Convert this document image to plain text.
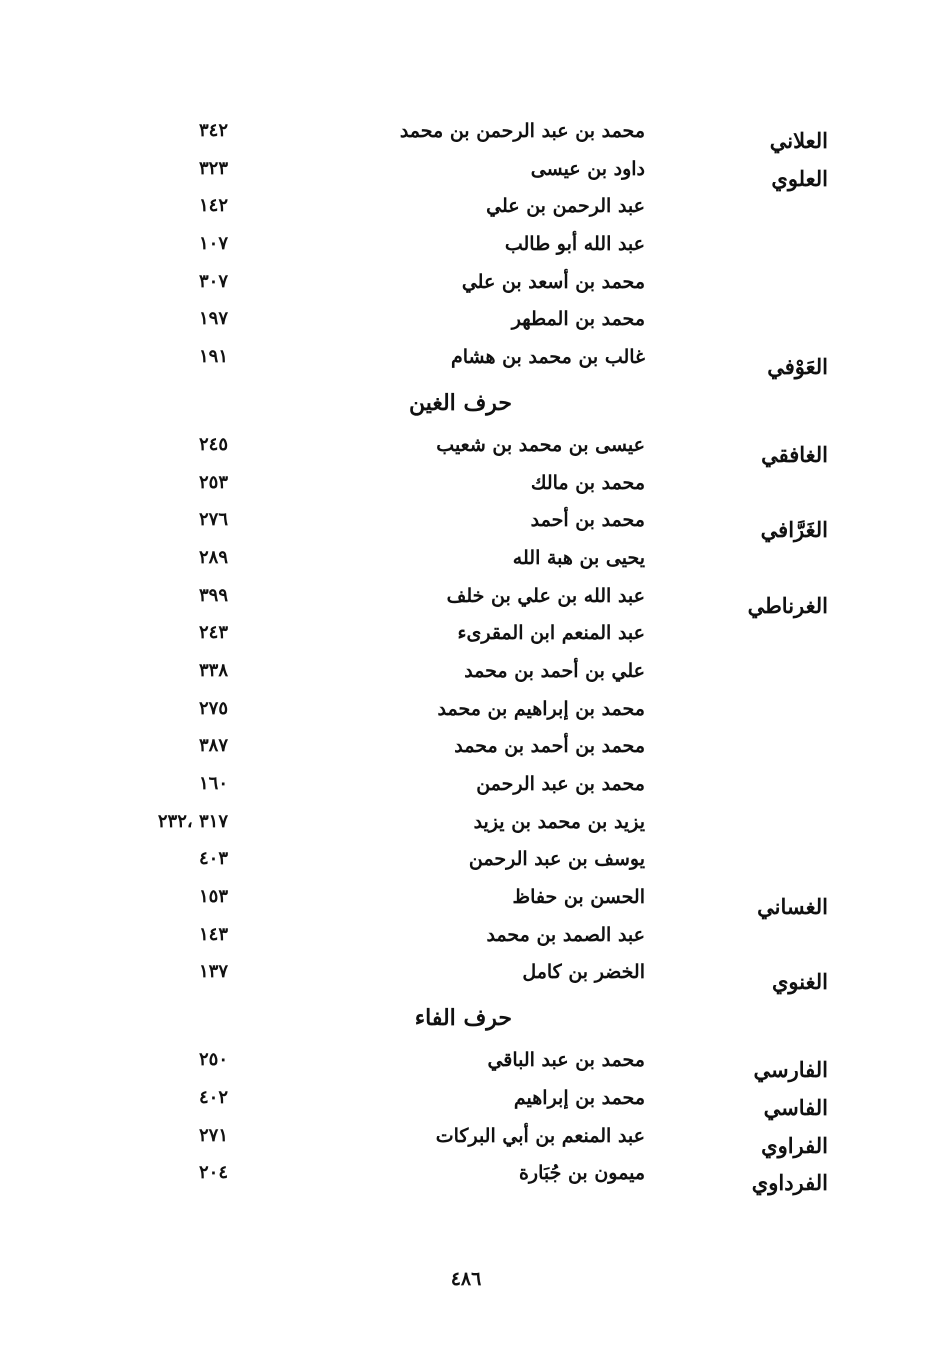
العلاني
محمد بن عبد الرحمن بن محمد
٣٤٢
العلوي
داود بن عيسى
٣٢٣
عبد الرحمن بن علي
١٤٢
عبد الله أبو طالب
١٠٧
محمد بن أسعد بن علي
٣٠٧
محمد بن المطهر
١٩٧
العَوْفي
غالب بن محمد بن هشام
١٩١
حرف الغين
الغافقي
عيسى بن محمد بن شعيب
٢٤٥
محمد بن مالك
٢٥٣
الغَرَّافي
محمد بن أحمد
٢٧٦
يحيى بن هبة الله
٢٨٩
الغرناطي
عبد الله بن علي بن خلف
٣٩٩
عبد المنعم ابن المقرىء
٢٤٣
علي بن أحمد بن محمد
٣٣٨
محمد بن إبراهيم بن محمد
٢٧٥
محمد بن أحمد بن محمد
٣٨٧
محمد بن عبد الرحمن
١٦٠
يزيد بن محمد بن يزيد
٣١٧ ،٢٣٢
يوسف بن عبد الرحمن
٤٠٣
الغساني
الحسن بن حفاظ
١٥٣
عبد الصمد بن محمد
١٤٣
الغنوي
الخضر بن كامل
١٣٧
حرف الفاء
الفارسي
محمد بن عبد الباقي
٢٥٠
الفاسي
محمد بن إبراهيم
٤٠٢
الفراوي
عبد المنعم بن أبي البركات
٢٧١
الفرداوي
ميمون بن جُبَارة
٢٠٤
٤٨٦
